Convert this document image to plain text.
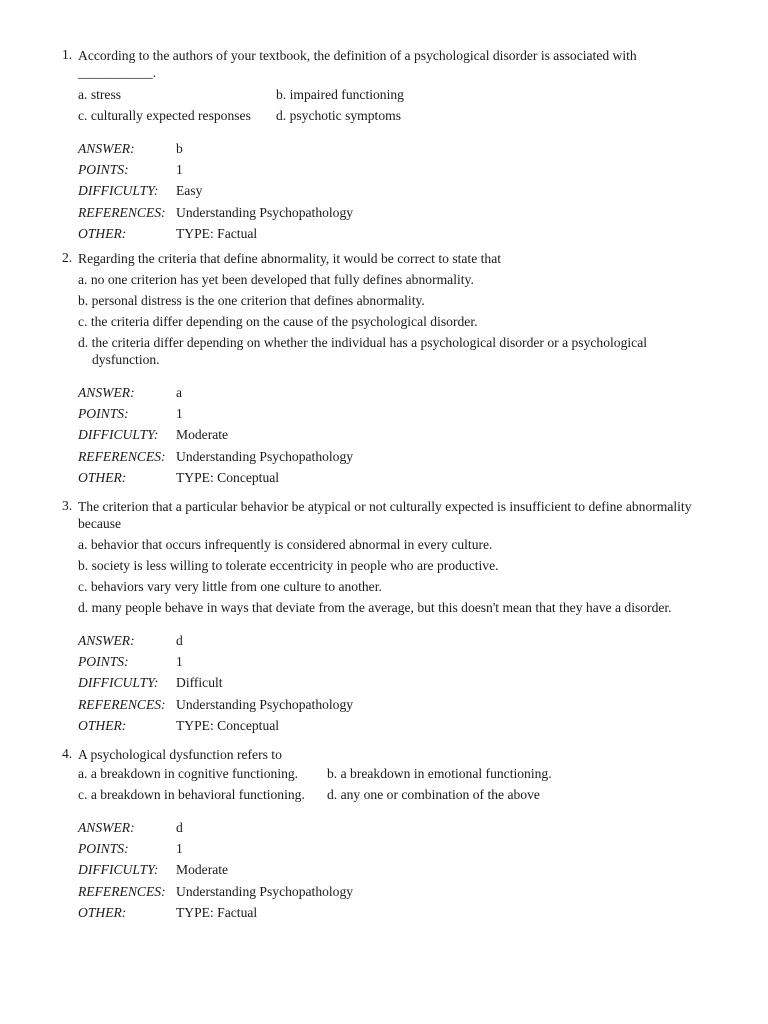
1. According to the authors of your textbook, the definition of a psychological disorder is associated with ___________.
a. stress	b. impaired functioning
c. culturally expected responses	d. psychotic symptoms
ANSWER:	b
POINTS:	1
DIFFICULTY:	Easy
REFERENCES: Understanding Psychopathology
OTHER:	TYPE: Factual
2. Regarding the criteria that define abnormality, it would be correct to state that
a. no one criterion has yet been developed that fully defines abnormality.
b. personal distress is the one criterion that defines abnormality.
c. the criteria differ depending on the cause of the psychological disorder.
d. the criteria differ depending on whether the individual has a psychological disorder or a psychological dysfunction.
ANSWER:	a
POINTS:	1
DIFFICULTY:	Moderate
REFERENCES: Understanding Psychopathology
OTHER:	TYPE: Conceptual
3. The criterion that a particular behavior be atypical or not culturally expected is insufficient to define abnormality because
a. behavior that occurs infrequently is considered abnormal in every culture.
b. society is less willing to tolerate eccentricity in people who are productive.
c. behaviors vary very little from one culture to another.
d. many people behave in ways that deviate from the average, but this doesn't mean that they have a disorder.
ANSWER:	d
POINTS:	1
DIFFICULTY:	Difficult
REFERENCES: Understanding Psychopathology
OTHER:	TYPE: Conceptual
4. A psychological dysfunction refers to
a. a breakdown in cognitive functioning.	b. a breakdown in emotional functioning.
c. a breakdown in behavioral functioning.	d. any one or combination of the above
ANSWER:	d
POINTS:	1
DIFFICULTY:	Moderate
REFERENCES: Understanding Psychopathology
OTHER:	TYPE: Factual
